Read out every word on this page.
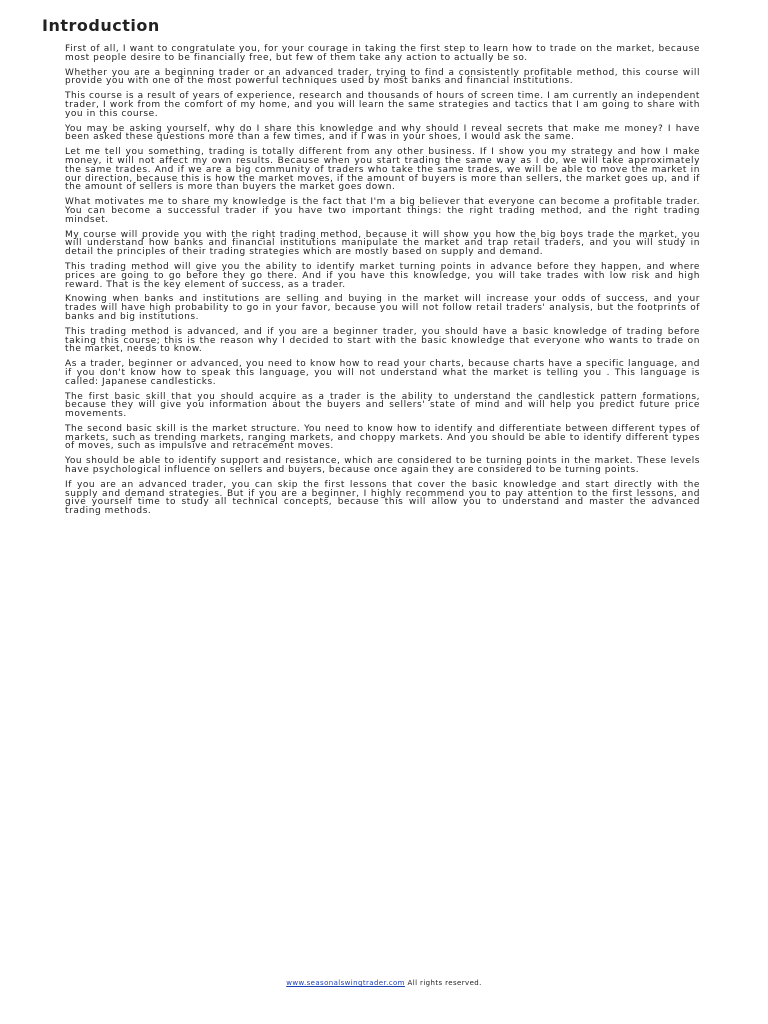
Introduction

First of all, I want to congratulate you, for your courage in taking the first step to learn how to trade on the market, because most people desire to be financially free, but few of them take any action to actually be so.

Whether you are a beginning trader or an advanced trader, trying to find a consistently profitable method, this course will provide you with one of the most powerful techniques used by most banks and financial institutions.

This course is a result of years of experience, research and thousands of hours of screen time. I am currently an independent trader, I work from the comfort of my home, and you will learn the same strategies and tactics that I am going to share with you in this course.

You may be asking yourself, why do I share this knowledge and why should I reveal secrets that make me money? I have been asked these questions more than a few times, and if I was in your shoes, I would ask the same.

Let me tell you something, trading is totally different from any other business. If I show you my strategy and how I make money, it will not affect my own results. Because when you start trading the same way as I do, we will take approximately the same trades. And if we are a big community of traders who take the same trades, we will be able to move the market in our direction, because this is how the market moves, if the amount of buyers is more than sellers, the market goes up, and if the amount of sellers is more than buyers the market goes down.

What motivates me to share my knowledge is the fact that I'm a big believer that everyone can become a profitable trader. You can become a successful trader if you have two important things: the right trading method, and the right trading mindset.

My course will provide you with the right trading method, because it will show you how the big boys trade the market, you will understand how banks and financial institutions manipulate the market and trap retail traders, and you will study in detail the principles of their trading strategies which are mostly based on supply and demand.

This trading method will give you the ability to identify market turning points in advance before they happen, and where prices are going to go before they go there. And if you have this knowledge, you will take trades with low risk and high reward. That is the key element of success, as a trader.

Knowing when banks and institutions are selling and buying in the market will increase your odds of success, and your trades will have high probability to go in your favor, because you will not follow retail traders' analysis, but the footprints of banks and big institutions.

This trading method is advanced, and if you are a beginner trader, you should have a basic knowledge of trading before taking this course; this is the reason why I decided to start with the basic knowledge that everyone who wants to trade on the market, needs to know.

As a trader, beginner or advanced, you need to know how to read your charts, because charts have a specific language, and if you don't know how to speak this language, you will not understand what the market is telling you . This language is called: Japanese candlesticks.

The first basic skill that you should acquire as a trader is the ability to understand the candlestick pattern formations, because they will give you information about the buyers and sellers' state of mind and will help you predict future price movements.

The second basic skill is the market structure. You need to know how to identify and differentiate between different types of markets, such as trending markets, ranging markets, and choppy markets. And you should be able to identify different types of moves, such as impulsive and retracement moves.

You should be able to identify support and resistance, which are considered to be turning points in the market. These levels have psychological influence on sellers and buyers, because once again they are considered to be turning points.

If you are an advanced trader, you can skip the first lessons that cover the basic knowledge and start directly with the supply and demand strategies. But if you are a beginner, I highly recommend you to pay attention to the first lessons, and give yourself time to study all technical concepts, because this will allow you to understand and master the advanced trading methods.

www.seasonalswingtrader.com All rights reserved.
